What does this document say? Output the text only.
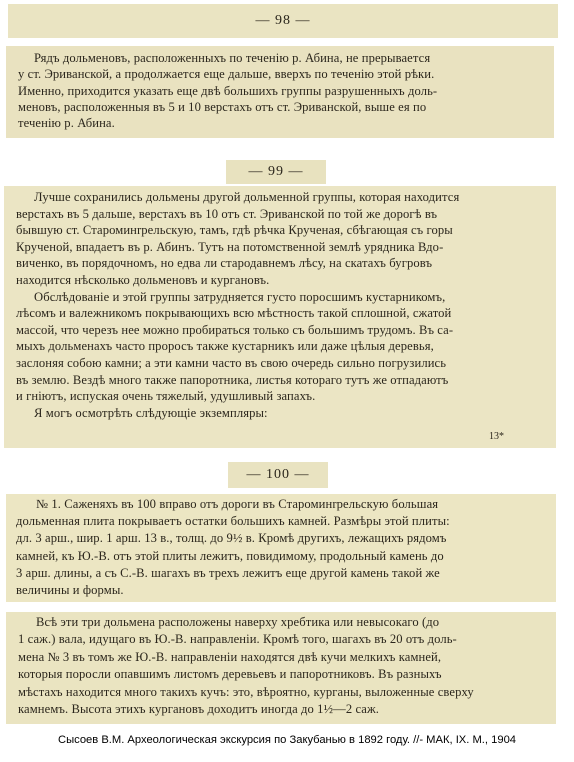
— 98 —
Рядъ дольменовъ, расположенныхъ по теченію р. Абина, не прерывается
у ст. Эриванской, а продолжается еще дальше, вверхъ по теченію этой рѣки.
Именно, приходится указать еще двѣ большихъ группы разрушенныхъ доль-
меновъ, расположенныя въ 5 и 10 верстахъ отъ ст. Эриванской, выше ея по
теченію р. Абина.
— 99 —
Лучше сохранились дольмены другой дольменной группы, которая находится
верстахъ въ 5 дальше, верстахъ въ 10 отъ ст. Эриванской по той же дорогѣ въ
бывшую ст. Староминrрельскую, тамъ, гдѣ рѣчка Крученая, сбѣгающая съ горы
Крученой, впадаетъ въ р. Абинъ. Тутъ на потомственной землѣ урядника Вдо-
виченко, въ порядочномъ, но едва ли стародавнемъ лѣсу, на скатахъ бугровъ
находится нѣсколько дольменовъ и кургановъ.
Обслѣдованіе и этой группы затрудняется густо поросшимъ кустарникомъ,
лѣсомъ и валежникомъ покрывающихъ всю мѣстность такой сплошной, сжатой
массой, что черезъ нее можно пробираться только съ большимъ трудомъ. Въ са-
мыхъ дольменахъ часто проросъ также кустарникъ или даже цѣлыя деревья,
заслоняя собою камни; а эти камни часто въ свою очередь сильно погрузились
въ землю. Вездѣ много также папоротника, листья котораго тутъ же отпадаютъ
и гніютъ, испуская очень тяжелый, удушливый запахъ.
Я могъ осмотрѣть слѣдующіе экземпляры:
13*
— 100 —
№ 1. Саженяхъ въ 100 вправо отъ дороги въ Староминrрельскую большая
дольменная плита покрываетъ остатки большихъ камней. Размѣры этой плиты:
дл. 3 арш., шир. 1 арш. 13 в., толщ. до 9½ в. Кромѣ другихъ, лежащихъ рядомъ
камней, къ Ю.-В. отъ этой плиты лежитъ, повидимому, продольный камень до
3 арш. длины, а съ С.-В. шагахъ въ трехъ лежитъ еще другой камень такой же
величины и формы.
Всѣ эти три дольмена расположены наверху хребтика или невысокаго (до
1 саж.) вала, идущаго въ Ю.-В. направленіи. Кромѣ того, шагахъ въ 20 отъ доль-
мена № 3 въ томъ же Ю.-В. направленіи находятся двѣ кучи мелкихъ камней,
которыя поросли опавшимъ листомъ деревьевъ и папоротниковъ. Въ разныхъ
мѣстахъ находится много такихъ кучъ: это, вѣроятно, курганы, выложенные сверху
камнемъ. Высота этихъ кургановъ доходитъ иногда до 1½—2 саж.
Сысоев В.М. Археологическая экскурсия по Закубанью в 1892 году. //- МАК, IX. М., 1904
